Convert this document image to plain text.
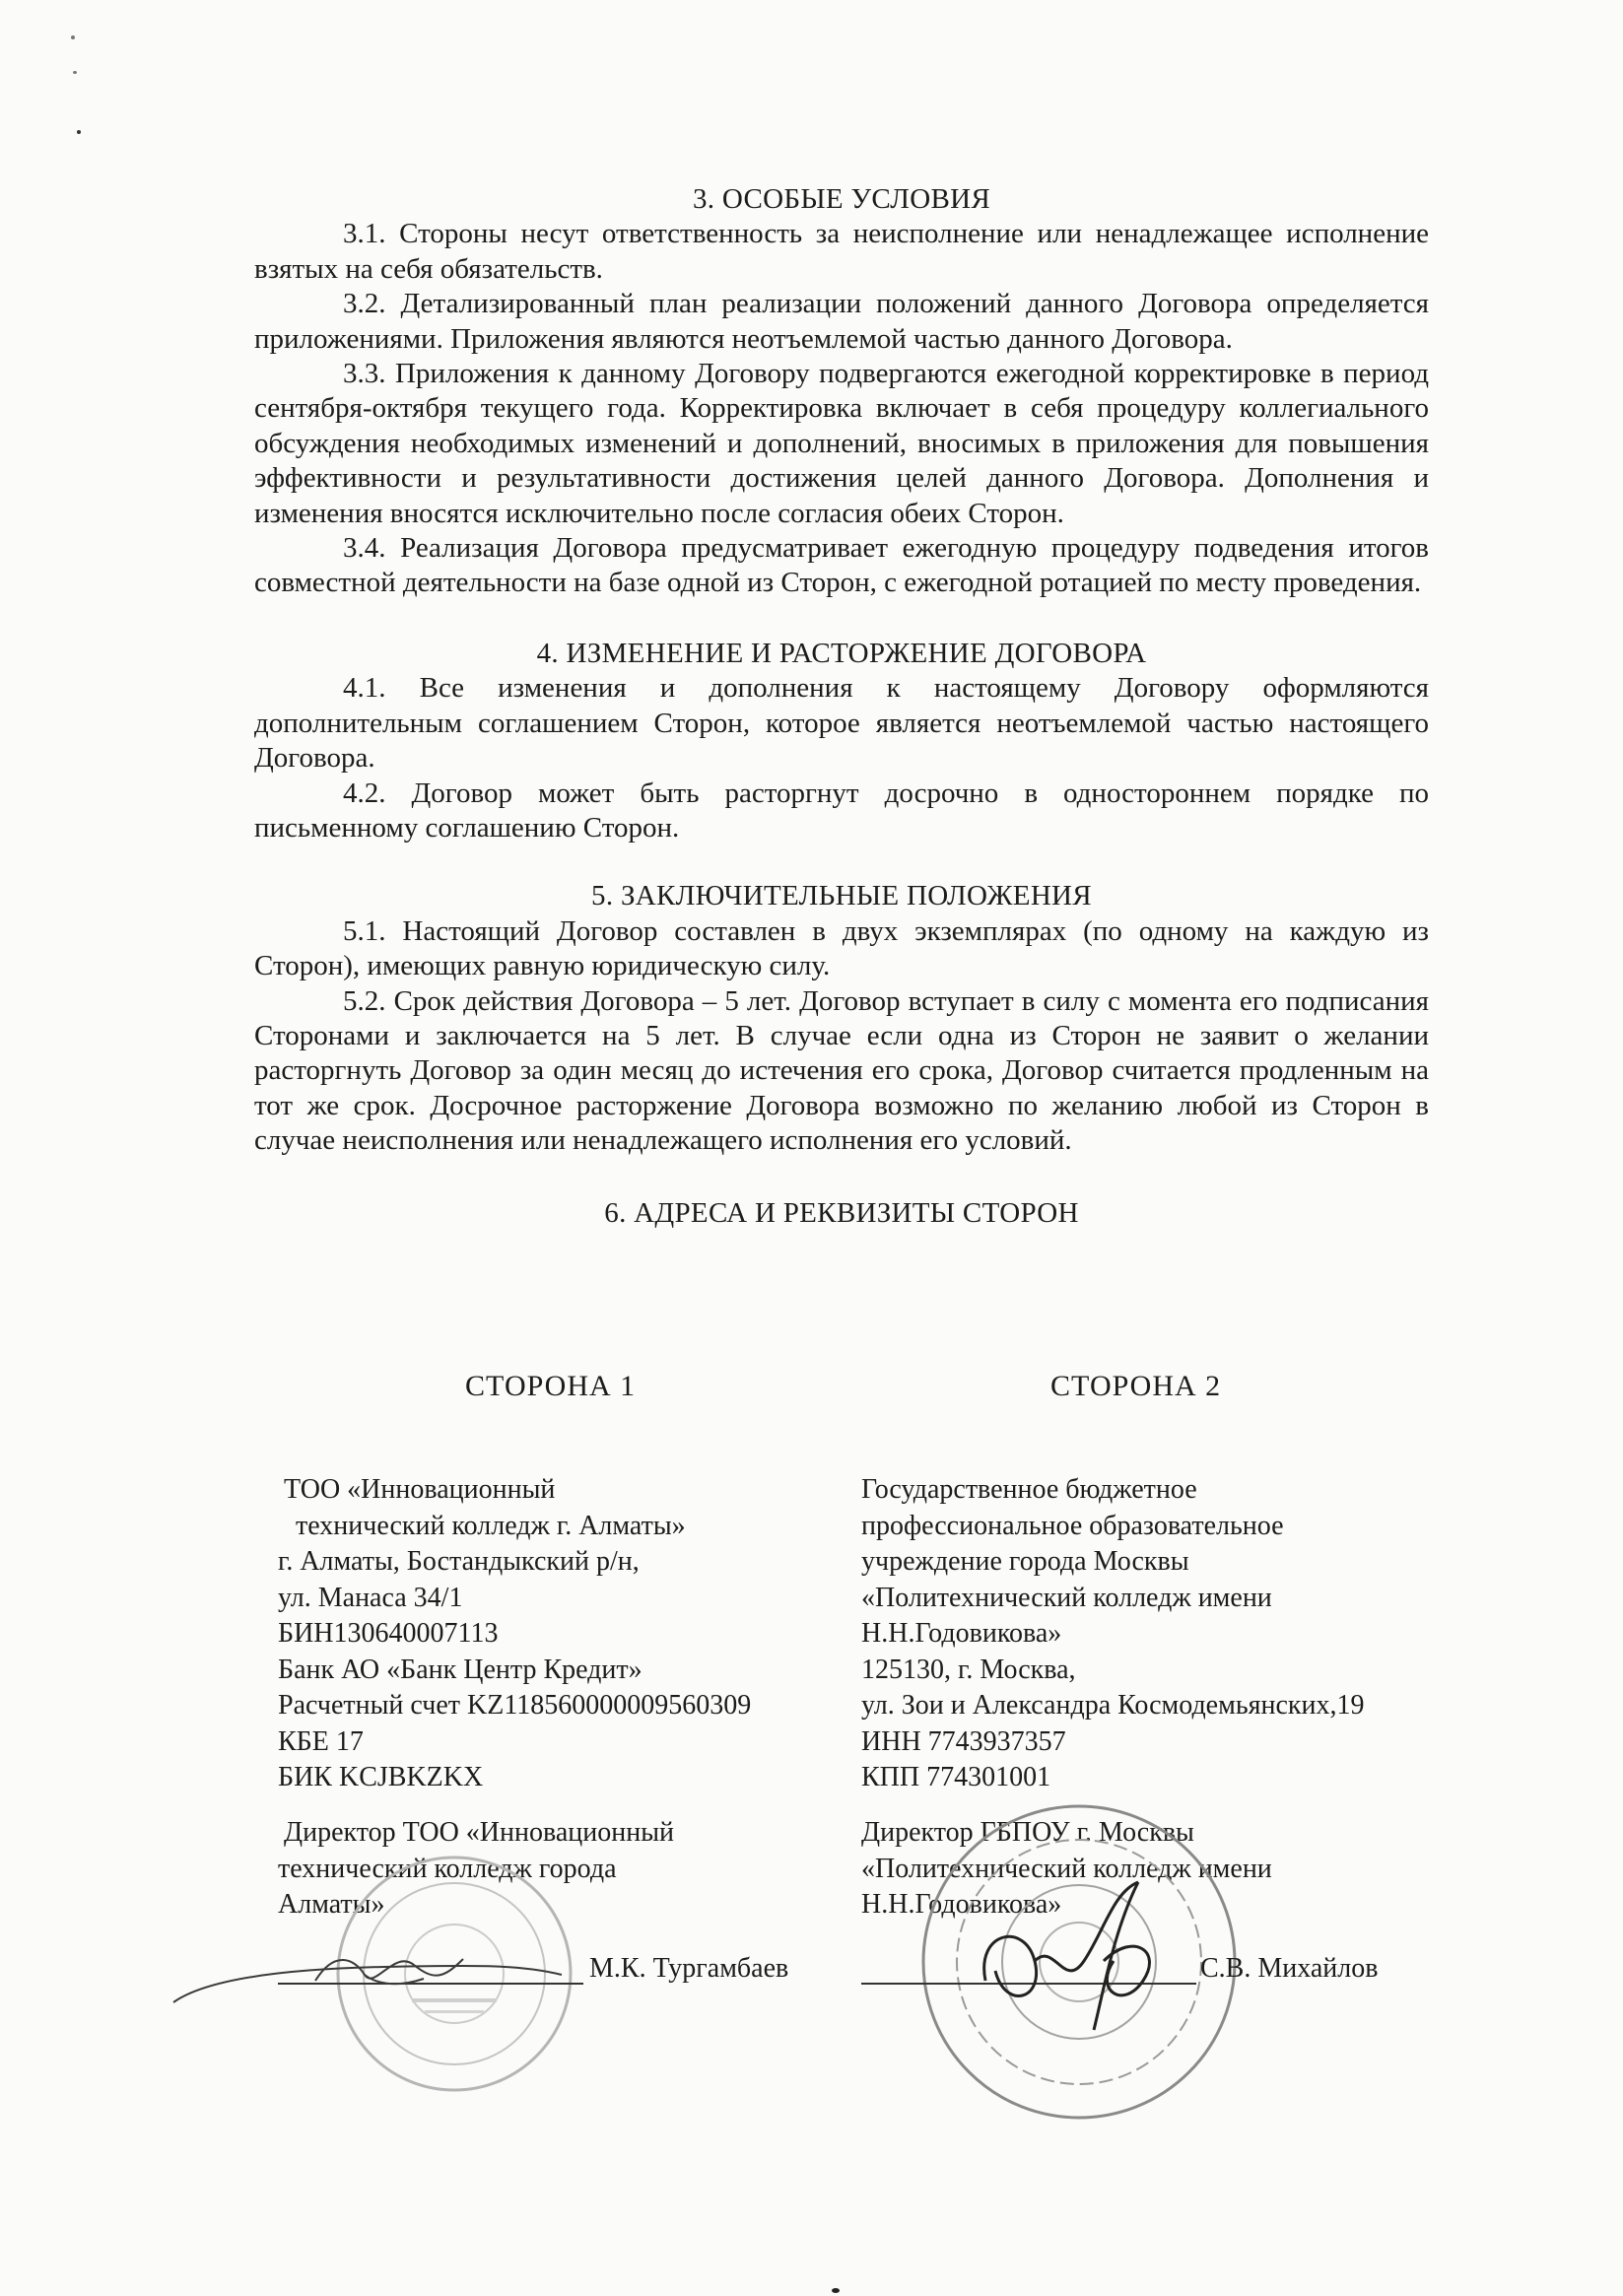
3. ОСОБЫЕ УСЛОВИЯ

3.1. Стороны несут ответственность за неисполнение или ненадлежащее исполнение взятых на себя обязательств.

3.2. Детализированный план реализации положений данного Договора определяется приложениями. Приложения являются неотъемлемой частью данного Договора.

3.3. Приложения к данному Договору подвергаются ежегодной корректировке в период сентября-октября текущего года. Корректировка включает в себя процедуру коллегиального обсуждения необходимых изменений и дополнений, вносимых в приложения для повышения эффективности и результативности достижения целей данного Договора. Дополнения и изменения вносятся исключительно после согласия обеих Сторон.

3.4. Реализация Договора предусматривает ежегодную процедуру подведения итогов совместной деятельности на базе одной из Сторон, с ежегодной ротацией по месту проведения.

4. ИЗМЕНЕНИЕ И РАСТОРЖЕНИЕ ДОГОВОРА

4.1. Все изменения и дополнения к настоящему Договору оформляются дополнительным соглашением Сторон, которое является неотъемлемой частью настоящего Договора.

4.2. Договор может быть расторгнут досрочно в одностороннем порядке по письменному соглашению Сторон.

5. ЗАКЛЮЧИТЕЛЬНЫЕ ПОЛОЖЕНИЯ

5.1. Настоящий Договор составлен в двух экземплярах (по одному на каждую из Сторон), имеющих равную юридическую силу.

5.2. Срок действия Договора – 5 лет. Договор вступает в силу с момента его подписания Сторонами и заключается на 5 лет. В случае если одна из Сторон не заявит о желании расторгнуть Договор за один месяц до истечения его срока, Договор считается продленным на тот же срок. Досрочное расторжение Договора возможно по желанию любой из Сторон в случае неисполнения или ненадлежащего исполнения его условий.

6. АДРЕСА И РЕКВИЗИТЫ СТОРОН
СТОРОНА 1	СТОРОНА 2
ТОО «Инновационный
технический колледж г. Алматы»
г. Алматы, Бостандыкский р/н,
ул. Манаса 34/1
БИН130640007113
Банк АО «Банк Центр Кредит»
Расчетный счет KZ118560000009560309
КБЕ 17
БИК KCJBKZKX
Государственное бюджетное
профессиональное образовательное
учреждение города Москвы
«Политехнический колледж имени
Н.Н.Годовикова»
125130, г. Москва,
ул. Зои и Александра Космодемьянских,19
ИНН 7743937357
КПП 774301001
Директор ТОО «Инновационный
технический колледж города
Алматы»
Директор ГБПОУ г. Москвы
«Политехнический колледж имени
Н.Н.Годовикова»
М.К. Тургамбаев	С.В. Михайлов
